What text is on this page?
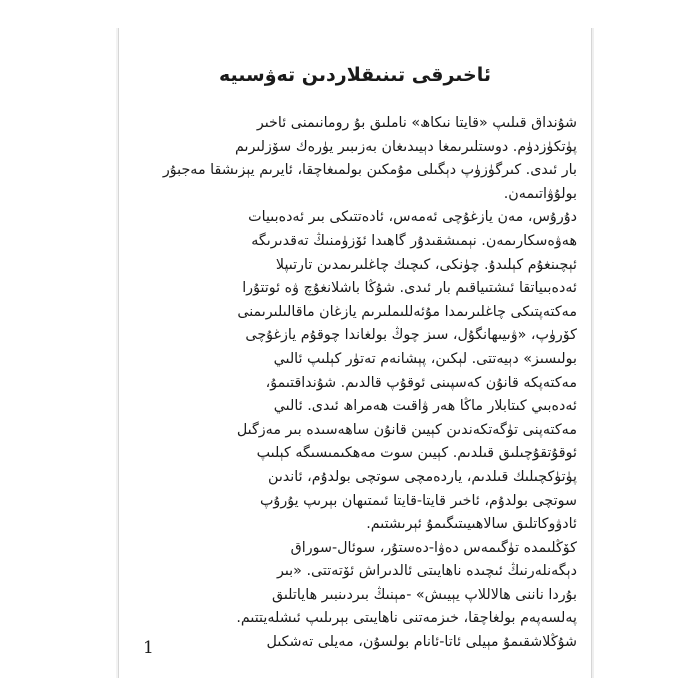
ئاخىرقى تىنىقلاردىن تەۋسىيە
شۇنداق قىلىپ «قايتا نىكاھ» ناملىق بۇ رومانىمنى ئاخىر
پۈتكۈزدۈم. دوستلىرىمغا دېيىدىغان بەزىبىر يۈرەك سۆزلىرىم
بار ئىدى. كىرگۈزۈپ دېگىلى مۇمكىن بولمىغاچقا، ئايرىم يېزىشقا مەجبۇر
بولۇۋاتىمەن.
دۇرۇس، مەن يازغۇچى ئەمەس، ئادەتتىكى بىر ئەدەبىيات
ھەۋەسكارىمەن. نېمىشقىدۇر گاھىدا ئۆزۈمنىڭ تەقدىرىگە
ئېچىنغۇم كېلىدۇ. چۈنكى، كىچىك چاغلىرىمدىن تارتىپلا
ئەدەبىياتقا ئىشتىياقىم بار ئىدى. شۇڭا باشلانغۇچ ۋە ئوتتۇرا
مەكتەپتىكى چاغلىرىمدا مۇئەللىملىرىم يازغان ماقالىلىرىمنى
كۆرۈپ، «ۋىيىھانگۇل، سىز چوڭ بولغاندا چوقۇم يازغۇچى
بولىسىز» دېيەتتى. لېكىن، پېشانەم تەتۈر كېلىپ ئالىي
مەكتەپكە قانۇن كەسپىنى ئوقۇپ قالدىم. شۇنداقتىمۇ،
ئەدەبىي كىتابلار ماڭا ھەر ۋاقىت ھەمراھ ئىدى. ئالىي
مەكتەپنى تۈگەتكەندىن كېيىن قانۇن ساھەسىدە بىر مەزگىل
ئوقۇتقۇچىلىق قىلدىم. كېيىن سوت مەھكىمىسىگە كېلىپ
پۈتۈكچىلىك قىلدىم، ياردەمچى سوتچى بولدۇم، ئاندىن
سوتچى بولدۇم، ئاخىر قايتا-قايتا ئىمتىھان بېرىپ يۇرۇپ
ئادۋوكاتلىق سالاھىيىتىگىمۇ ئېرىشتىم.
كۆڭلىمدە تۈگىمەس دەۋا-دەستۇر، سوئال-سوراق
دېگەنلەرنىڭ ئىچىدە ناھايىتى ئالدىراش ئۆتەتتى. «بىر
بۇردا ناننى ھالاللاپ يېيىش» -مېنىڭ بىردىنبىر ھاياتلىق
پەلسەپەم بولغاچقا، خىزمەتنى ناھايىتى بېرىلىپ ئىشلەيتتىم.
شۇڭلاشقىمۇ مېيلى ئاتا-ئانام بولسۇن، مەيلى تەشكىل
1
